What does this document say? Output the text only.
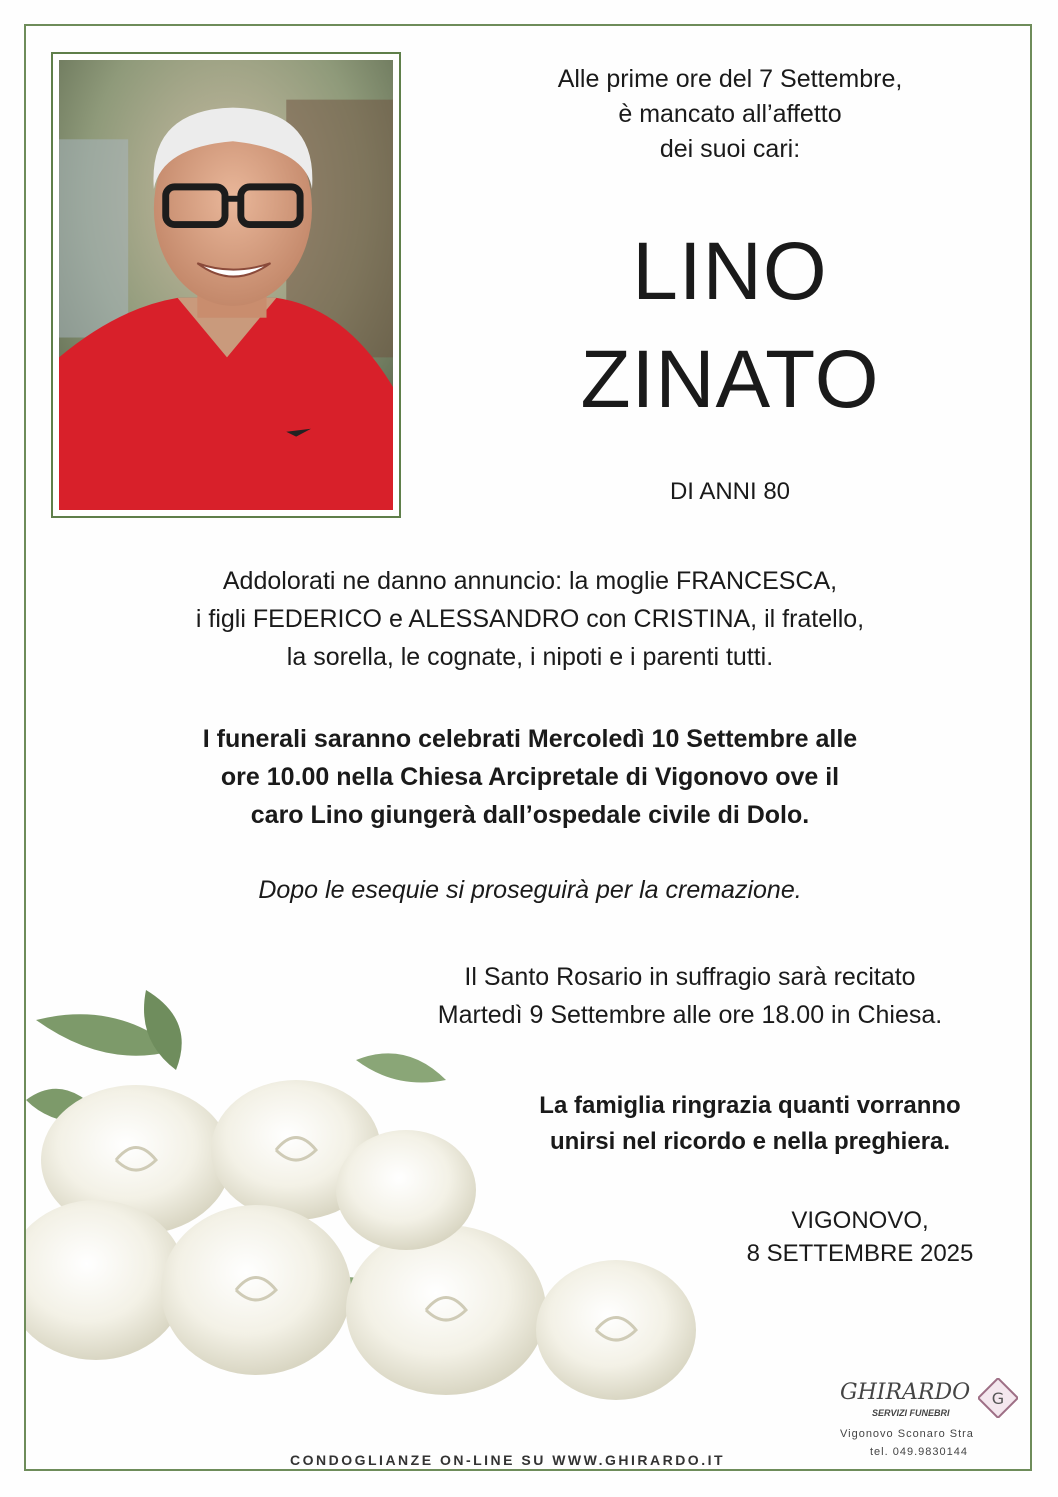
Alle prime ore del 7 Settembre,
è mancato all’affetto
dei suoi cari:
LINO
ZINATO
DI ANNI 80
Addolorati ne danno annuncio: la moglie FRANCESCA,
i figli FEDERICO e ALESSANDRO con CRISTINA, il fratello,
la sorella, le cognate, i nipoti e i parenti tutti.
I funerali saranno celebrati Mercoledì 10 Settembre alle
ore 10.00 nella Chiesa Arcipretale di Vigonovo ove il
caro Lino giungerà dall’ospedale civile di Dolo.
Dopo le esequie si proseguirà per la cremazione.
Il Santo Rosario in suffragio sarà recitato
Martedì 9 Settembre alle ore 18.00 in Chiesa.
La famiglia ringrazia quanti vorranno
unirsi nel ricordo e nella preghiera.
VIGONOVO,
8 SETTEMBRE 2025
CONDOGLIANZE ON-LINE SU WWW.GHIRARDO.IT
GHIRARDO
SERVIZI FUNEBRI
G
Vigonovo Sconaro Stra
tel. 049.9830144
